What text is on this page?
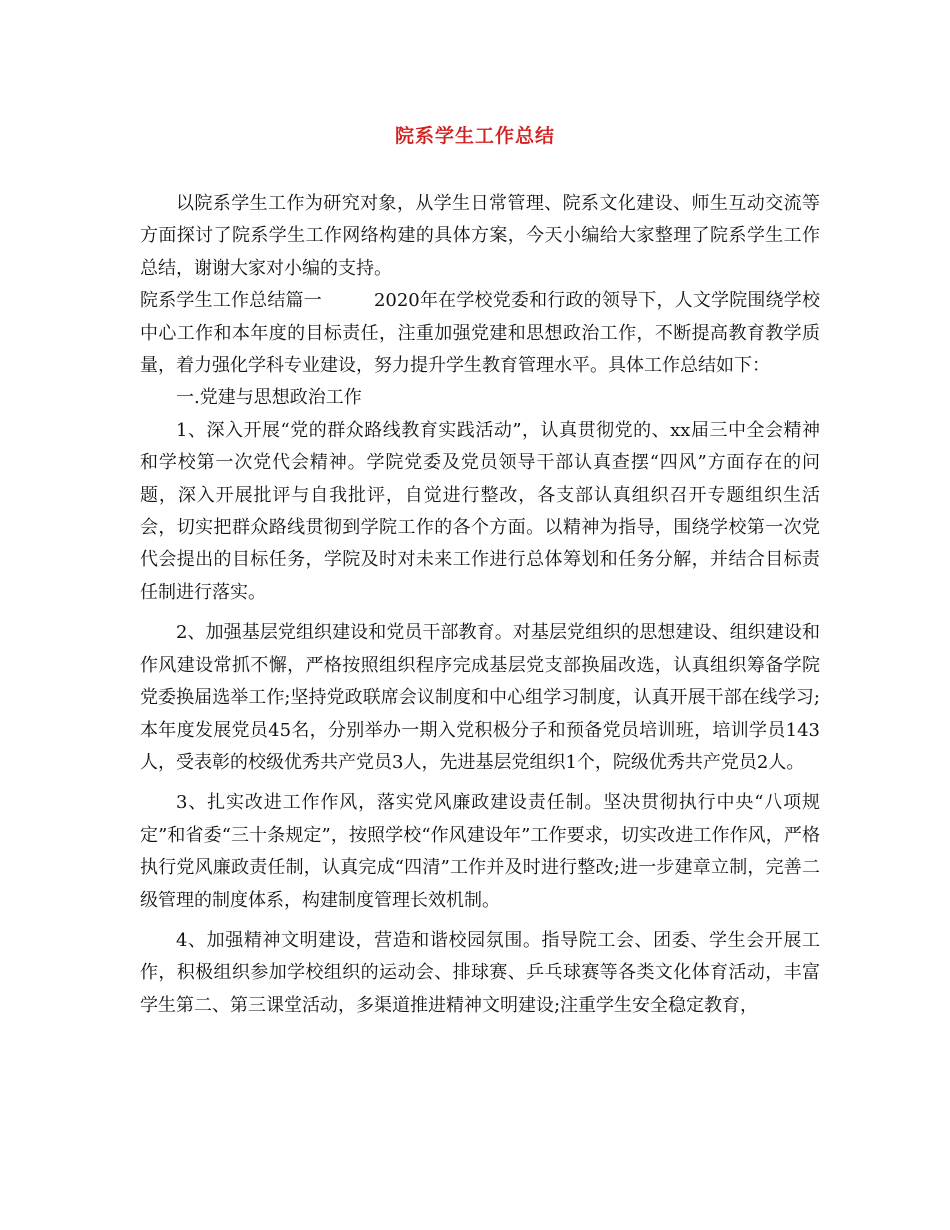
院系学生工作总结

以院系学生工作为研究对象，从学生日常管理、院系文化建设、师生互动交流等方面探讨了院系学生工作网络构建的具体方案，今天小编给大家整理了院系学生工作总结，谢谢大家对小编的支持。

院系学生工作总结篇一	2020年在学校党委和行政的领导下，人文学院围绕学校中心工作和本年度的目标责任，注重加强党建和思想政治工作，不断提高教育教学质量，着力强化学科专业建设，努力提升学生教育管理水平。具体工作总结如下：

一.党建与思想政治工作

1、深入开展“党的群众路线教育实践活动”，认真贯彻党的、xx届三中全会精神和学校第一次党代会精神。学院党委及党员领导干部认真查摆“四风”方面存在的问题，深入开展批评与自我批评，自觉进行整改，各支部认真组织召开专题组织生活会，切实把群众路线贯彻到学院工作的各个方面。以精神为指导，围绕学校第一次党代会提出的目标任务，学院及时对未来工作进行总体筹划和任务分解，并结合目标责任制进行落实。

2、加强基层党组织建设和党员干部教育。对基层党组织的思想建设、组织建设和作风建设常抓不懈，严格按照组织程序完成基层党支部换届改选，认真组织筹备学院党委换届选举工作;坚持党政联席会议制度和中心组学习制度，认真开展干部在线学习;本年度发展党员45名，分别举办一期入党积极分子和预备党员培训班，培训学员143人，受表彰的校级优秀共产党员3人，先进基层党组织1个，院级优秀共产党员2人。

3、扎实改进工作作风，落实党风廉政建设责任制。坚决贯彻执行中央“八项规定”和省委“三十条规定”，按照学校“作风建设年”工作要求，切实改进工作作风，严格执行党风廉政责任制，认真完成“四清”工作并及时进行整改;进一步建章立制，完善二级管理的制度体系，构建制度管理长效机制。

4、加强精神文明建设，营造和谐校园氛围。指导院工会、团委、学生会开展工作，积极组织参加学校组织的运动会、排球赛、乒乓球赛等各类文化体育活动，丰富学生第二、第三课堂活动，多渠道推进精神文明建设;注重学生安全稳定教育，
